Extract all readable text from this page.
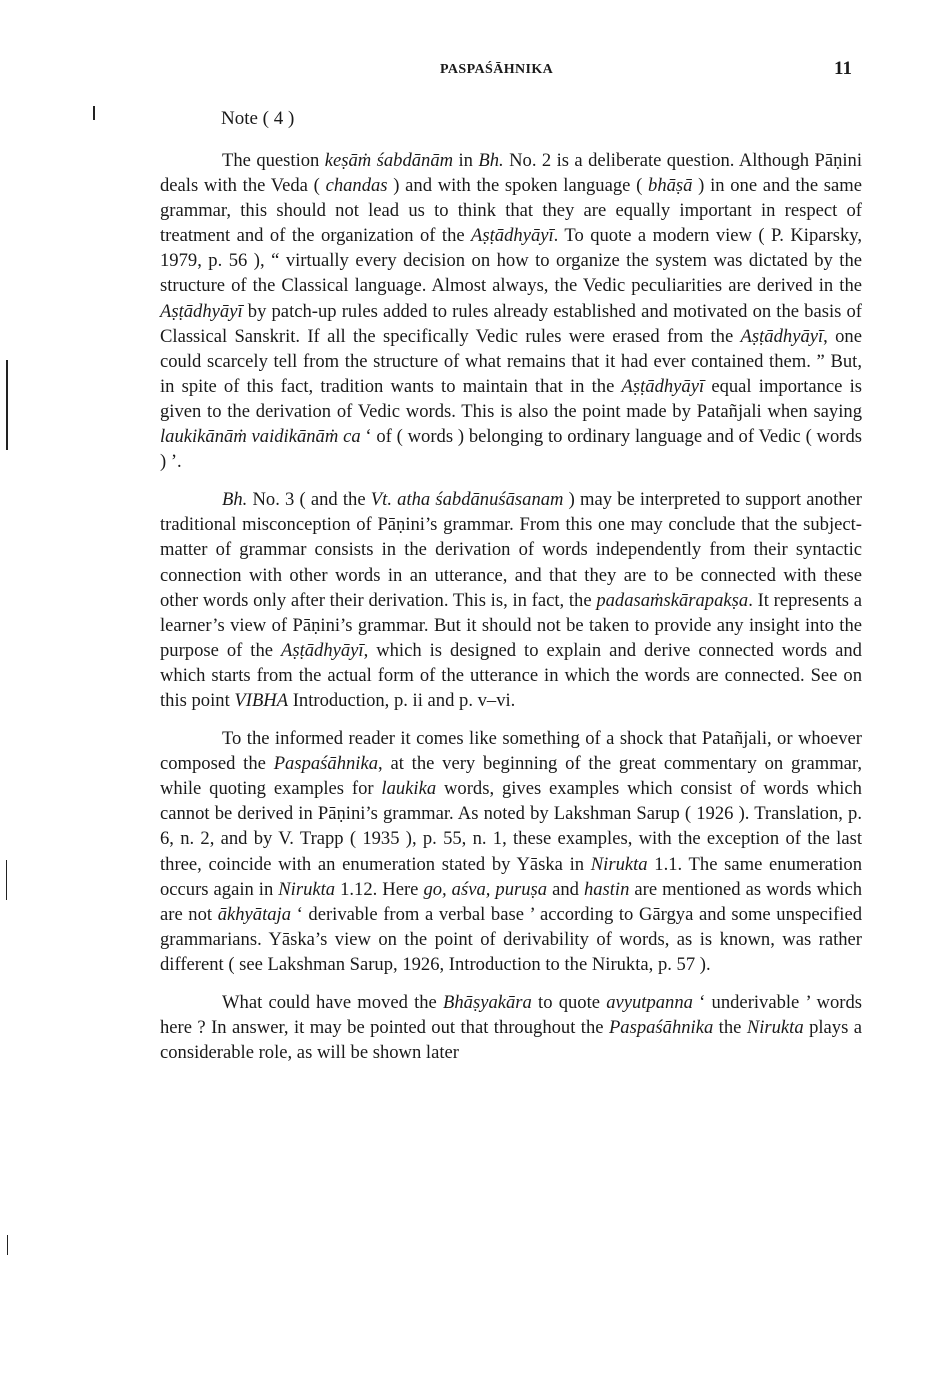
PASPAŚĀHNIKA	11
Note ( 4 )

The question keṣāṁ śabdānām in Bh. No. 2 is a deliberate question. Although Pāṇini deals with the Veda ( chandas ) and with the spoken language ( bhāṣā ) in one and the same grammar, this should not lead us to think that they are equally important in respect of treatment and of the organization of the Aṣṭādhyāyī. To quote a modern view ( P. Kiparsky, 1979, p. 56 ), “ virtually every decision on how to organize the system was dictated by the structure of the Classical language. Almost always, the Vedic peculiarities are derived in the Aṣṭādhyāyī by patch-up rules added to rules already established and motivated on the basis of Classical Sanskrit. If all the specifically Vedic rules were erased from the Aṣṭādhyāyī, one could scarcely tell from the structure of what remains that it had ever contained them. ” But, in spite of this fact, tradition wants to maintain that in the Aṣṭādhyāyī equal importance is given to the derivation of Vedic words. This is also the point made by Patañjali when saying laukikānāṁ vaidikānāṁ ca ‘ of ( words ) belonging to ordinary language and of Vedic ( words ) ’.

Bh. No. 3 ( and the Vt. atha śabdānuśāsanam ) may be interpreted to support another traditional misconception of Pāṇini’s grammar. From this one may conclude that the subject-matter of grammar consists in the derivation of words independently from their syntactic connection with other words in an utterance, and that they are to be connected with these other words only after their derivation. This is, in fact, the padasaṁskārapakṣa. It represents a learner’s view of Pāṇini’s grammar. But it should not be taken to provide any insight into the purpose of the Aṣṭādhyāyī, which is designed to explain and derive connected words and which starts from the actual form of the utterance in which the words are connected. See on this point VIBHA Introduction, p. ii and p. v–vi.

To the informed reader it comes like something of a shock that Patañjali, or whoever composed the Paspaśāhnika, at the very beginning of the great commentary on grammar, while quoting examples for laukika words, gives examples which consist of words which cannot be derived in Pāṇini’s grammar. As noted by Lakshman Sarup ( 1926 ). Translation, p. 6, n. 2, and by V. Trapp ( 1935 ), p. 55, n. 1, these examples, with the exception of the last three, coincide with an enumeration stated by Yāska in Nirukta 1.1. The same enumeration occurs again in Nirukta 1.12. Here go, aśva, puruṣa and hastin are mentioned as words which are not ākhyātaja ‘ derivable from a verbal base ’ according to Gārgya and some unspecified grammarians. Yāska’s view on the point of derivability of words, as is known, was rather different ( see Lakshman Sarup, 1926, Introduction to the Nirukta, p. 57 ).

What could have moved the Bhāṣyakāra to quote avyutpanna ‘ underivable ’ words here ? In answer, it may be pointed out that throughout the Paspaśāhnika the Nirukta plays a considerable role, as will be shown later
